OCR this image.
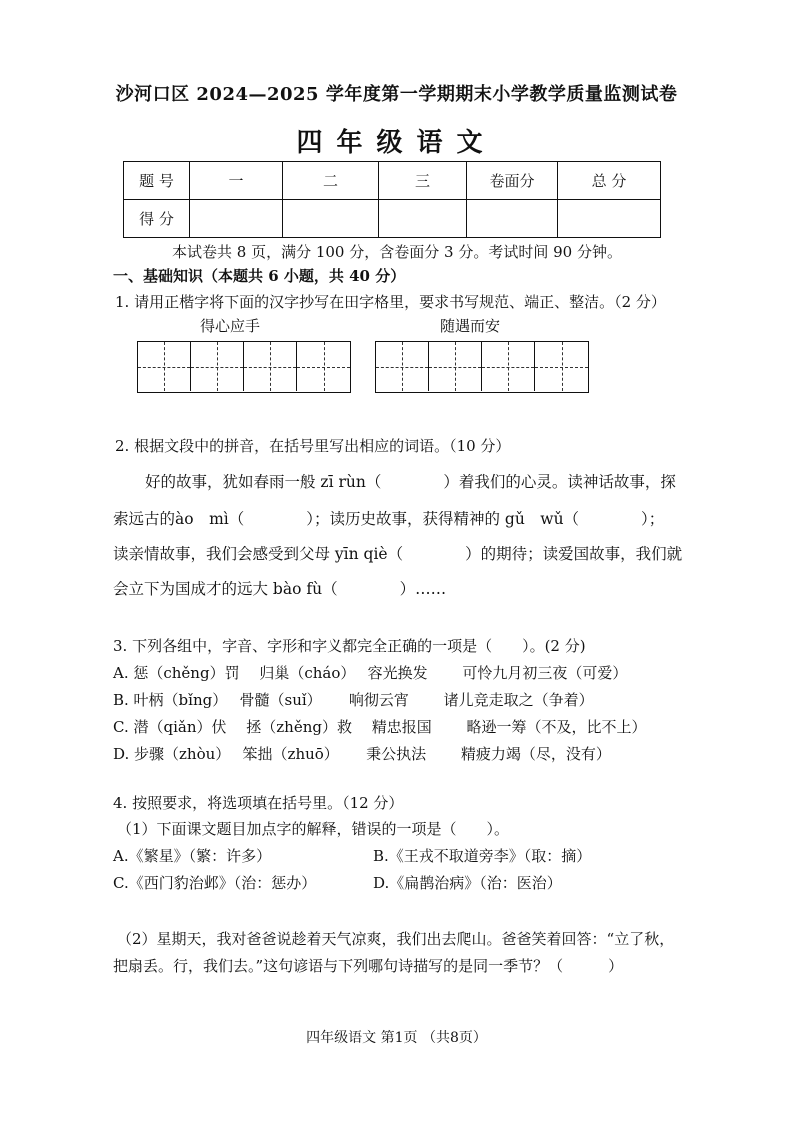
沙河口区 2024—2025 学年度第一学期期末小学教学质量监测试卷
四年级语文
题 号	一	二	三	卷面分	总 分
得 分					
本试卷共 8 页，满分 100 分，含卷面分 3 分。考试时间 90 分钟。
一、基础知识（本题共 6 小题，共 40 分）
1. 请用正楷字将下面的汉字抄写在田字格里，要求书写规范、端正、整洁。（2 分）
得心应手	随遇而安
2. 根据文段中的拼音，在括号里写出相应的词语。（10 分）
好的故事，犹如春雨一般 zī rùn（　　　　）着我们的心灵。读神话故事，探
索远古的ào　mì（　　　　）；读历史故事，获得精神的 gǔ　wǔ（　　　　）；
读亲情故事，我们会感受到父母 yīn qiè（　　　　）的期待；读爱国故事，我们就
会立下为国成才的远大 bào fù（　　　　）……
3. 下列各组中，字音、字形和字义都完全正确的一项是（　　）。(2 分)
A. 惩（chěng）罚　 归巢（cháo）　 容光换发　　 可怜九月初三夜（可爱）
B. 叶柄（bǐng）　 骨髓（suǐ）　　 响彻云宵　　 诸儿竞走取之（争着）
C. 潜（qiǎn）伏　 拯（zhěng）救　 精忠报国　　 略逊一筹（不及，比不上）
D. 步骤（zhòu）　 笨拙（zhuō）　　 秉公执法　　 精疲力竭（尽，没有）
4. 按照要求，将选项填在括号里。（12 分）
（1）下面课文题目加点字的解释，错误的一项是（　　）。
A.《繁星》（繁：许多）	B.《王戎不取道旁李》（取：摘）
C.《西门豹治邺》（治：惩办）	D.《扁鹊治病》（治：医治）
（2）星期天，我对爸爸说趁着天气凉爽，我们出去爬山。爸爸笑着回答：“立了秋，
把扇丢。行，我们去。”这句谚语与下列哪句诗描写的是同一季节？（　　　）
四年级语文 第1页 （共8页）
